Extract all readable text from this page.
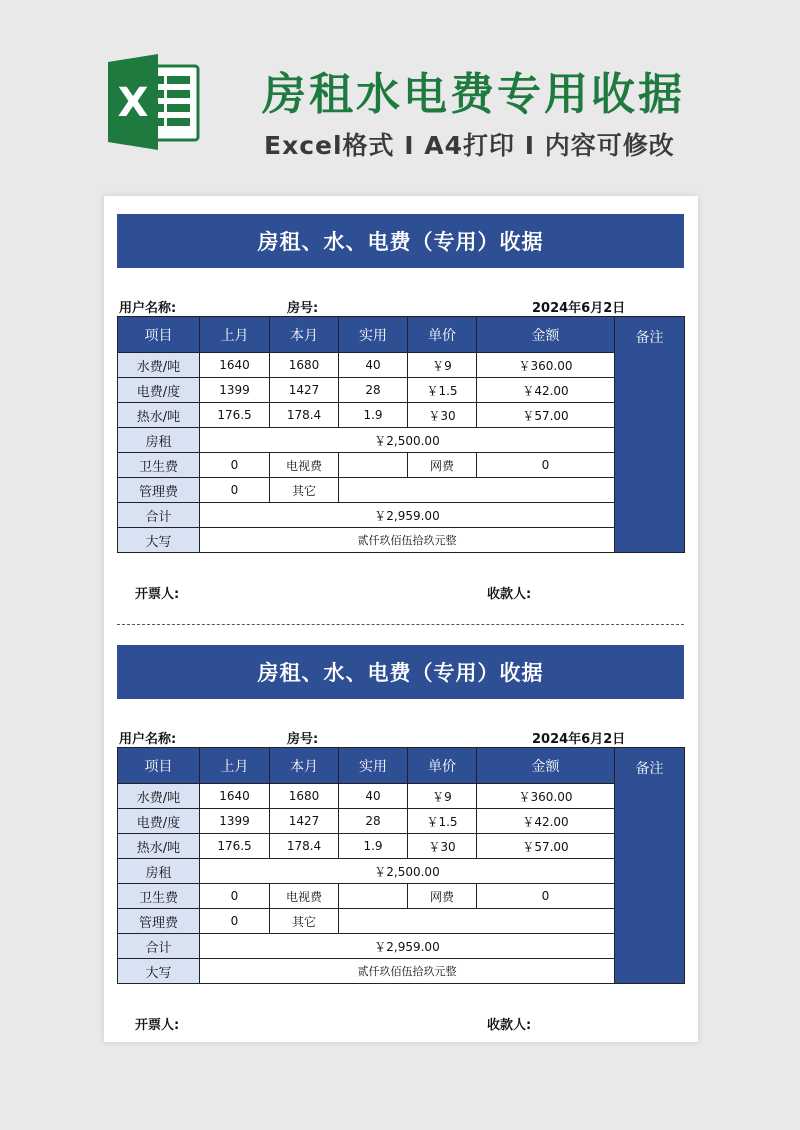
X	房租水电费专用收据
Excel格式 I A4打印 I 内容可修改
房租、水、电费（专用）收据
用户名称:	房号:	2024年6月2日
项目	上月	本月	实用	单价	金额	备注
水费/吨	1640	1680	40	￥9	￥360.00	
电费/度	1399	1427	28	￥1.5	￥42.00	
热水/吨	176.5	178.4	1.9	￥30	￥57.00	
房租	￥2,500.00					
卫生费	0	电视费		网费	0	
管理费	0	其它				
合计	￥2,959.00					
大写	贰仟玖佰伍拾玖元整					
开票人:	收款人:
房租、水、电费（专用）收据
用户名称:	房号:	2024年6月2日
项目	上月	本月	实用	单价	金额	备注
水费/吨	1640	1680	40	￥9	￥360.00	
电费/度	1399	1427	28	￥1.5	￥42.00	
热水/吨	176.5	178.4	1.9	￥30	￥57.00	
房租	￥2,500.00					
卫生费	0	电视费		网费	0	
管理费	0	其它				
合计	￥2,959.00					
大写	贰仟玖佰伍拾玖元整					
开票人:	收款人:
